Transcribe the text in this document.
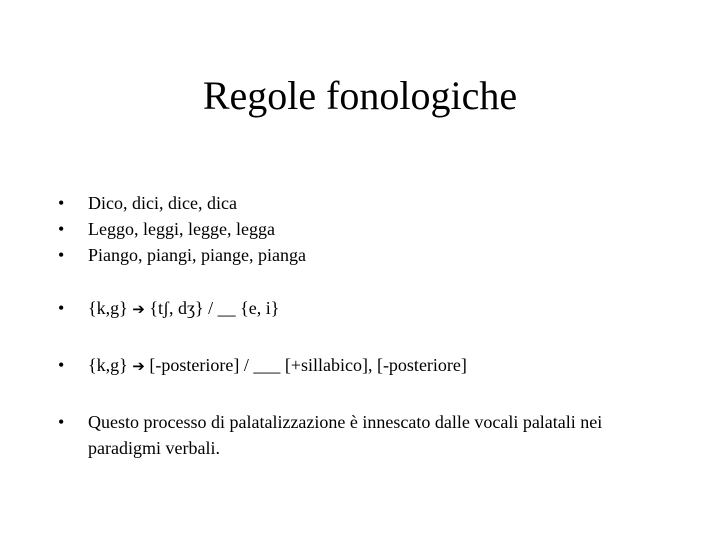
Regole fonologiche
•	Dico, dici, dice, dica
•	Leggo, leggi, legge, legga
•	Piango, piangi, piange, pianga
•	{k,g} ➔ {tʃ, dʒ} / __ {e, i}
•	{k,g} ➔ [-posteriore] / ___ [+sillabico], [-posteriore]
•	Questo processo di palatalizzazione è innescato dalle vocali palatali nei paradigmi verbali.
